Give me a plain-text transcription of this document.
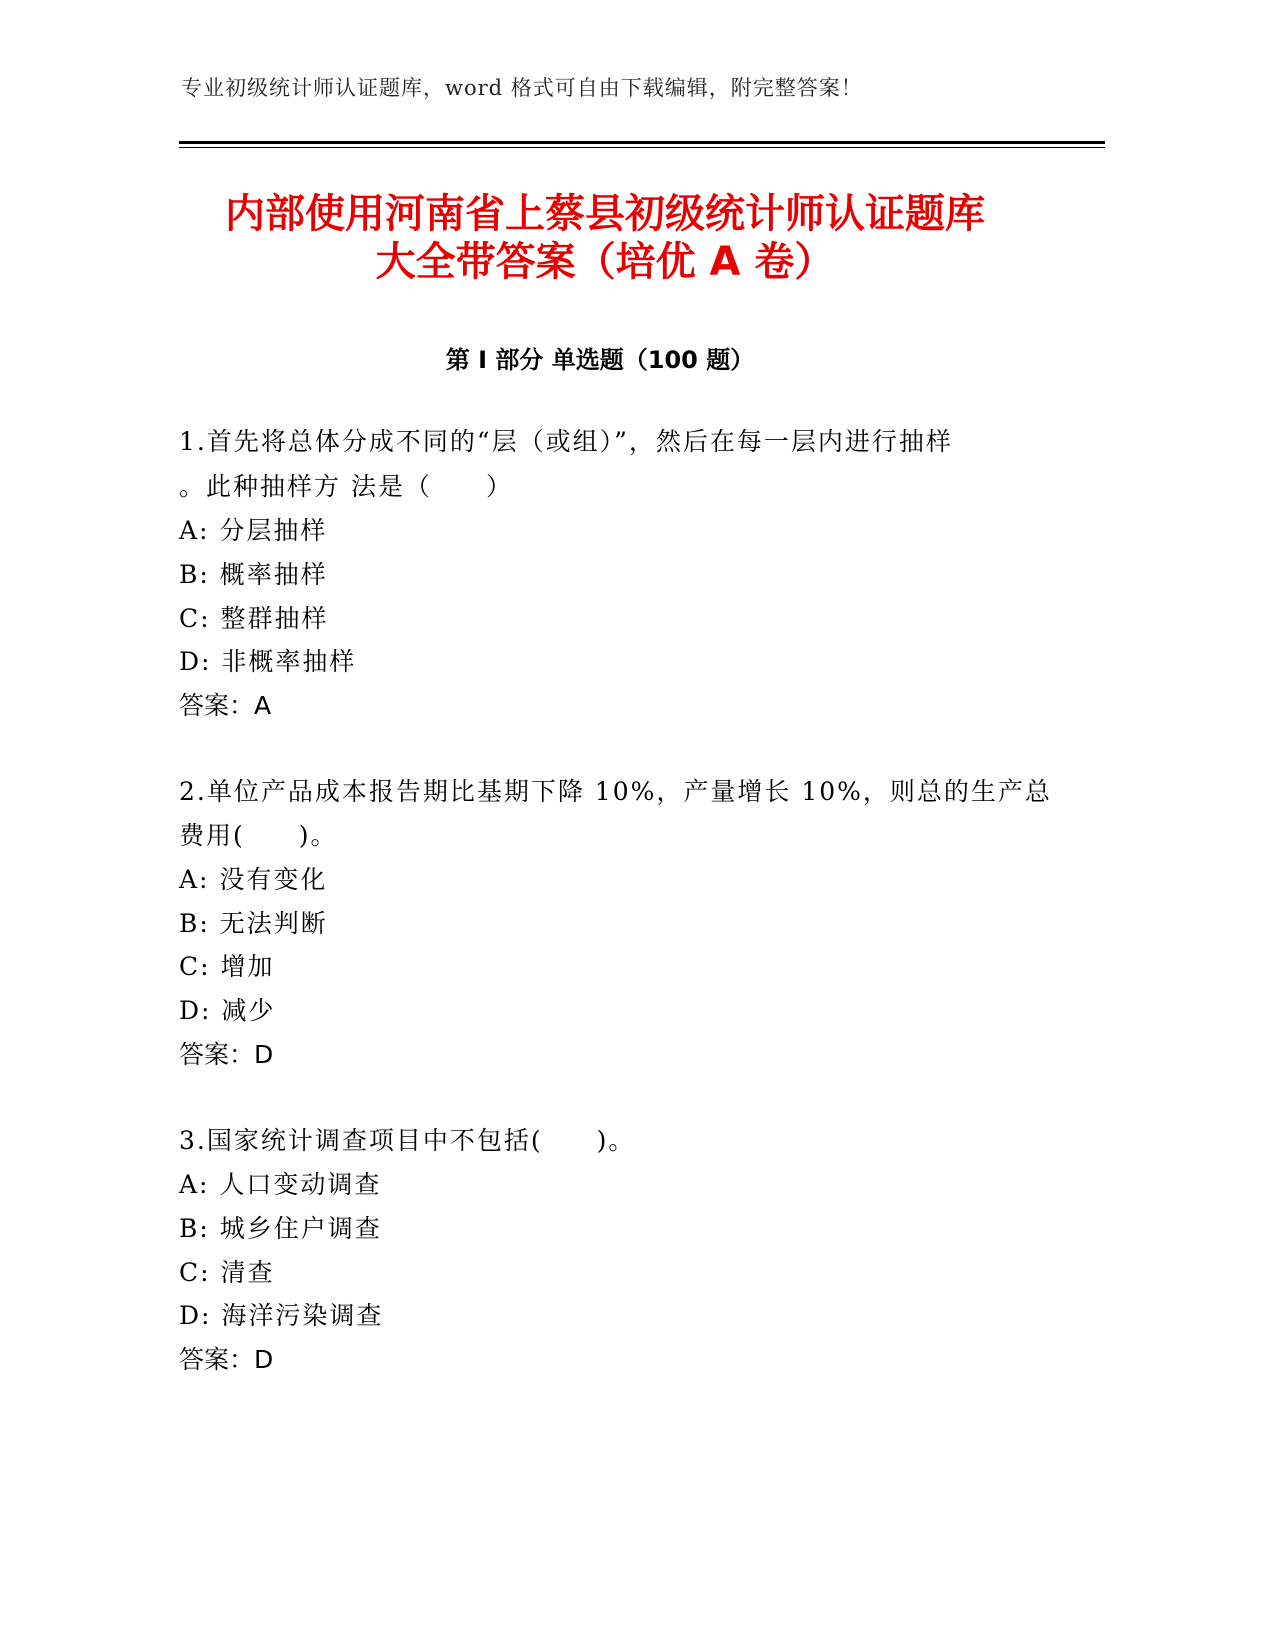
专业初级统计师认证题库，word 格式可自由下载编辑，附完整答案！
内部使用河南省上蔡县初级统计师认证题库
大全带答案（培优 A 卷）
第 I 部分 单选题（100 题）
1.首先将总体分成不同的“层（或组）”，然后在每一层内进行抽样
。此种抽样方 法是（　　）
A: 分层抽样
B: 概率抽样
C: 整群抽样
D: 非概率抽样
答案：A
2.单位产品成本报告期比基期下降 10%，产量增长 10%，则总的生产总
费用(　　)。
A: 没有变化
B: 无法判断
C: 增加
D: 减少
答案：D
3.国家统计调查项目中不包括(　　)。
A: 人口变动调查
B: 城乡住户调查
C: 清查
D: 海洋污染调查
答案：D
